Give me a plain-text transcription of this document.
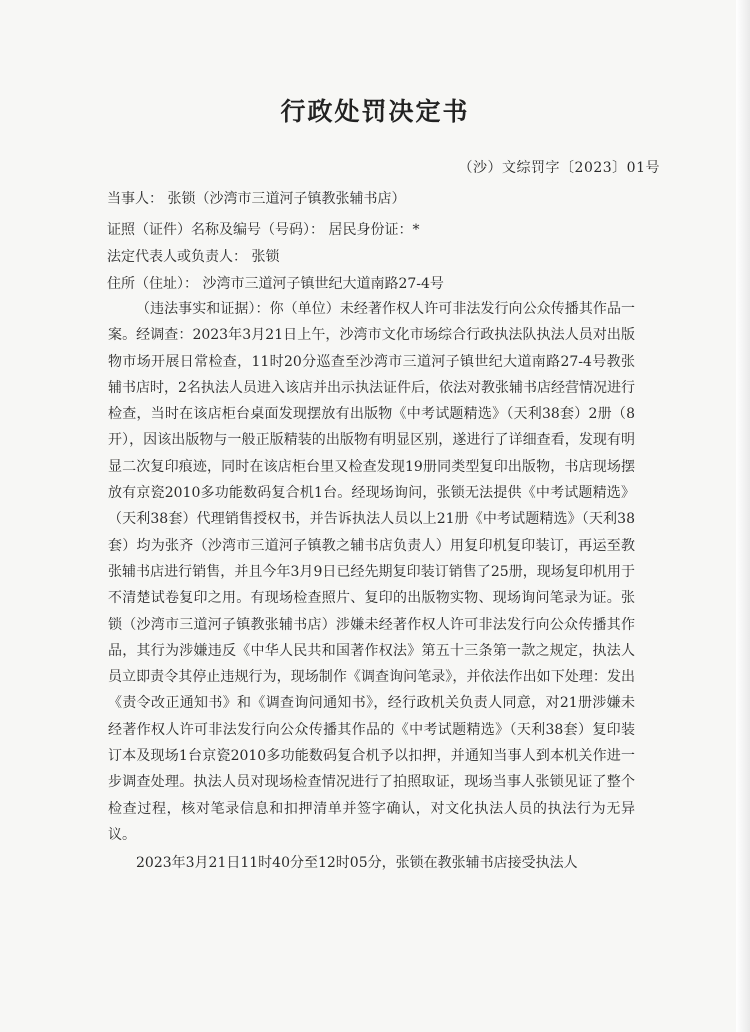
行政处罚决定书
（沙）文综罚字〔2023〕01号
当事人： 张锁（沙湾市三道河子镇教张辅书店）
证照（证件）名称及编号（号码）： 居民身份证：*
法定代表人或负责人： 张锁
住所（住址）： 沙湾市三道河子镇世纪大道南路27-4号

（违法事实和证据）：你（单位）未经著作权人许可非法发行向公众传播其作品一案。经调查：2023年3月21日上午，沙湾市文化市场综合行政执法队执法人员对出版物市场开展日常检查，11时20分巡查至沙湾市三道河子镇世纪大道南路27-4号教张辅书店时，2名执法人员进入该店并出示执法证件后，依法对教张辅书店经营情况进行检查，当时在该店柜台桌面发现摆放有出版物《中考试题精选》（天利38套）2册（8开），因该出版物与一般正版精装的出版物有明显区别，遂进行了详细查看，发现有明显二次复印痕迹，同时在该店柜台里又检查发现19册同类型复印出版物，书店现场摆放有京瓷2010多功能数码复合机1台。经现场询问，张锁无法提供《中考试题精选》（天利38套）代理销售授权书，并告诉执法人员以上21册《中考试题精选》（天利38套）均为张齐（沙湾市三道河子镇教之辅书店负责人）用复印机复印装订，再运至教张辅书店进行销售，并且今年3月9日已经先期复印装订销售了25册，现场复印机用于不清楚试卷复印之用。有现场检查照片、复印的出版物实物、现场询问笔录为证。张锁（沙湾市三道河子镇教张辅书店）涉嫌未经著作权人许可非法发行向公众传播其作品，其行为涉嫌违反《中华人民共和国著作权法》第五十三条第一款之规定，执法人员立即责令其停止违规行为，现场制作《调查询问笔录》，并依法作出如下处理：发出《责令改正通知书》和《调查询问通知书》，经行政机关负责人同意，对21册涉嫌未经著作权人许可非法发行向公众传播其作品的《中考试题精选》（天利38套）复印装订本及现场1台京瓷2010多功能数码复合机予以扣押，并通知当事人到本机关作进一步调查处理。执法人员对现场检查情况进行了拍照取证，现场当事人张锁见证了整个检查过程，核对笔录信息和扣押清单并签字确认，对文化执法人员的执法行为无异议。

2023年3月21日11时40分至12时05分，张锁在教张辅书店接受执法人
